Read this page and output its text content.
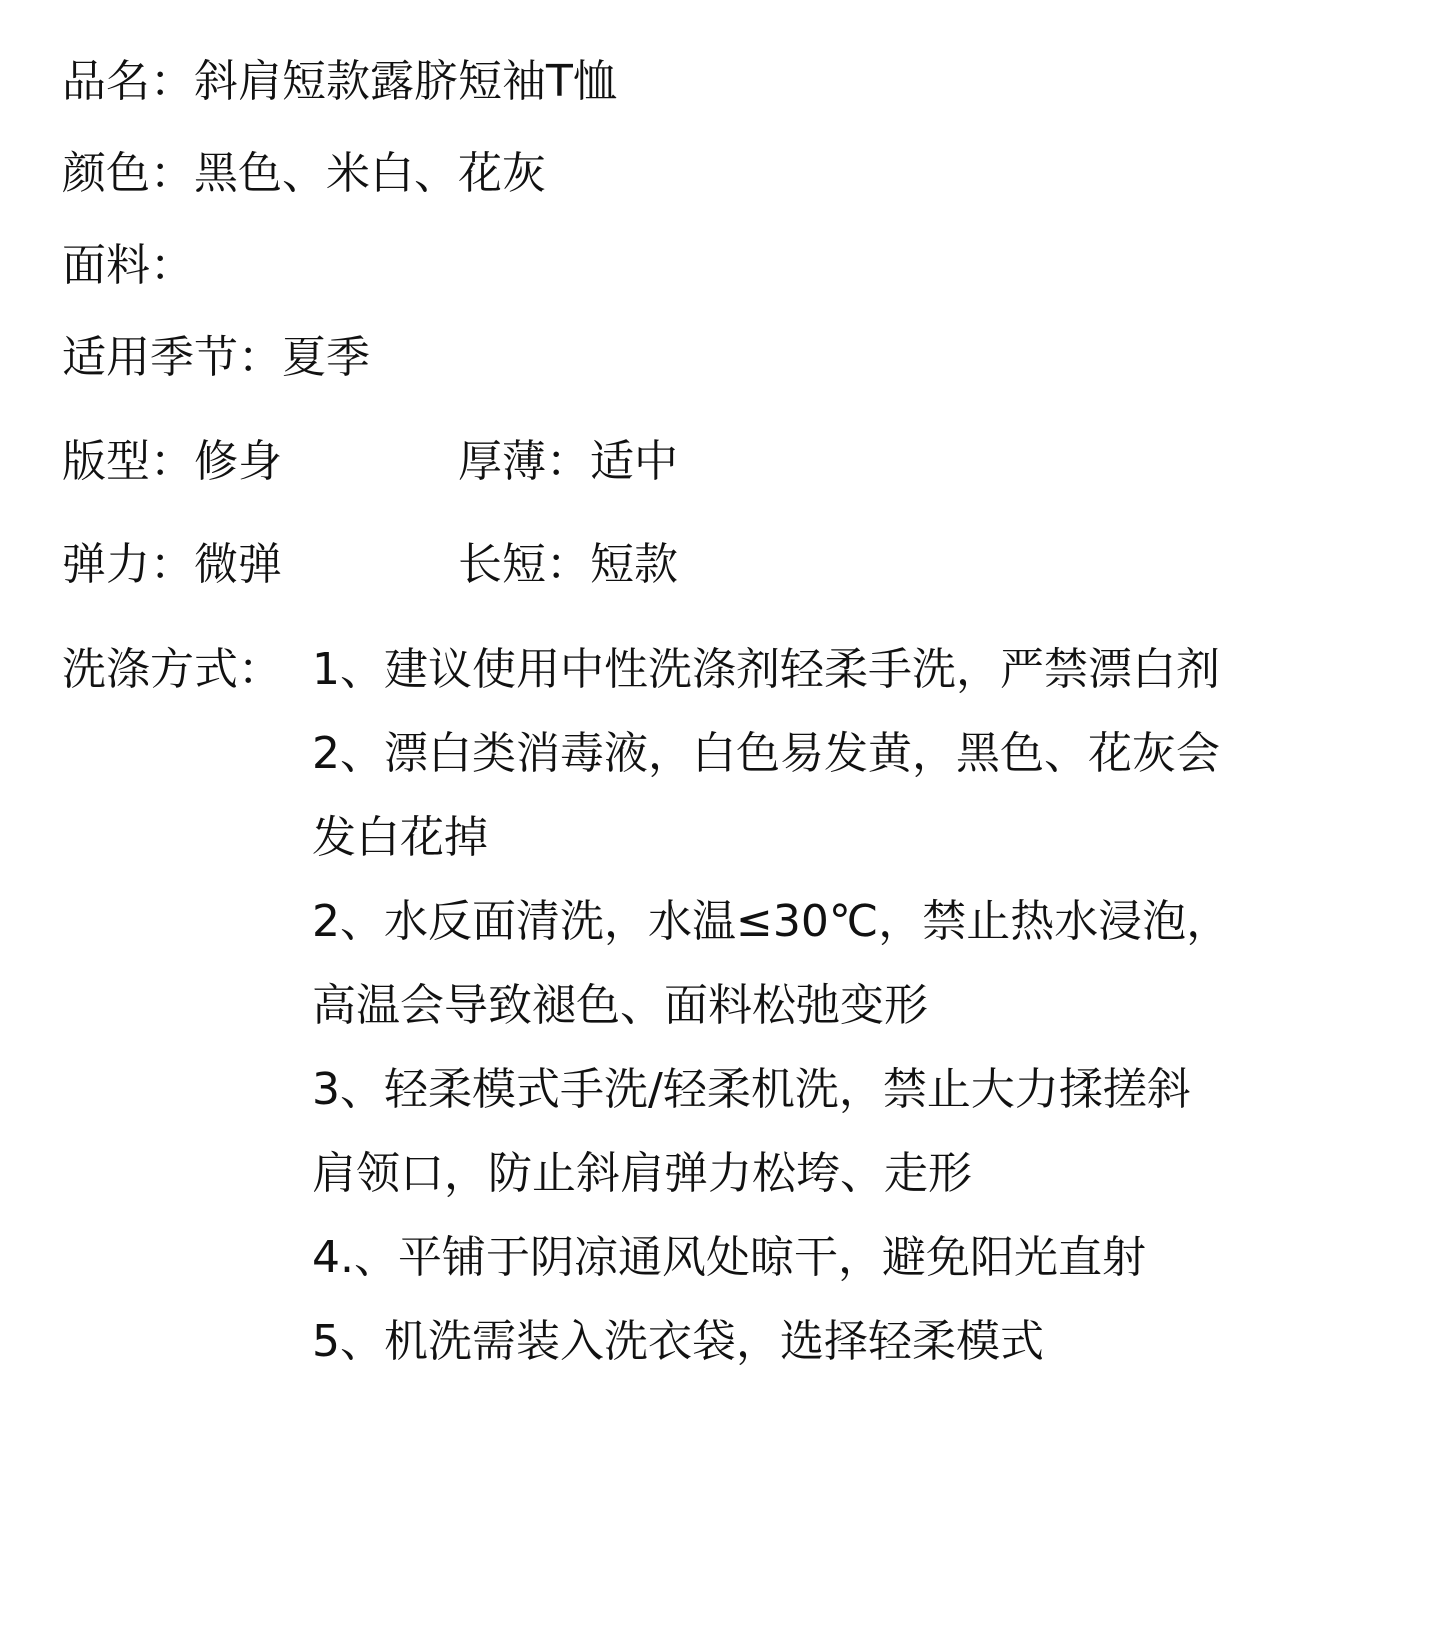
品名：斜肩短款露脐短袖T恤
颜色：黑色、米白、花灰
面料：
适用季节：夏季
版型：修身	厚薄：适中
弹力：微弹	长短：短款
洗涤方式： 1、建议使用中性洗涤剂轻柔手洗，严禁漂白剂
2、漂白类消毒液，白色易发黄，黑色、花灰会
发白花掉
2、水反面清洗，水温≤30℃，禁止热水浸泡，
高温会导致褪色、面料松弛变形
3、轻柔模式手洗/轻柔机洗，禁止大力揉搓斜
肩领口，防止斜肩弹力松垮、走形
4.、平铺于阴凉通风处晾干，避免阳光直射
5、机洗需装入洗衣袋，选择轻柔模式
